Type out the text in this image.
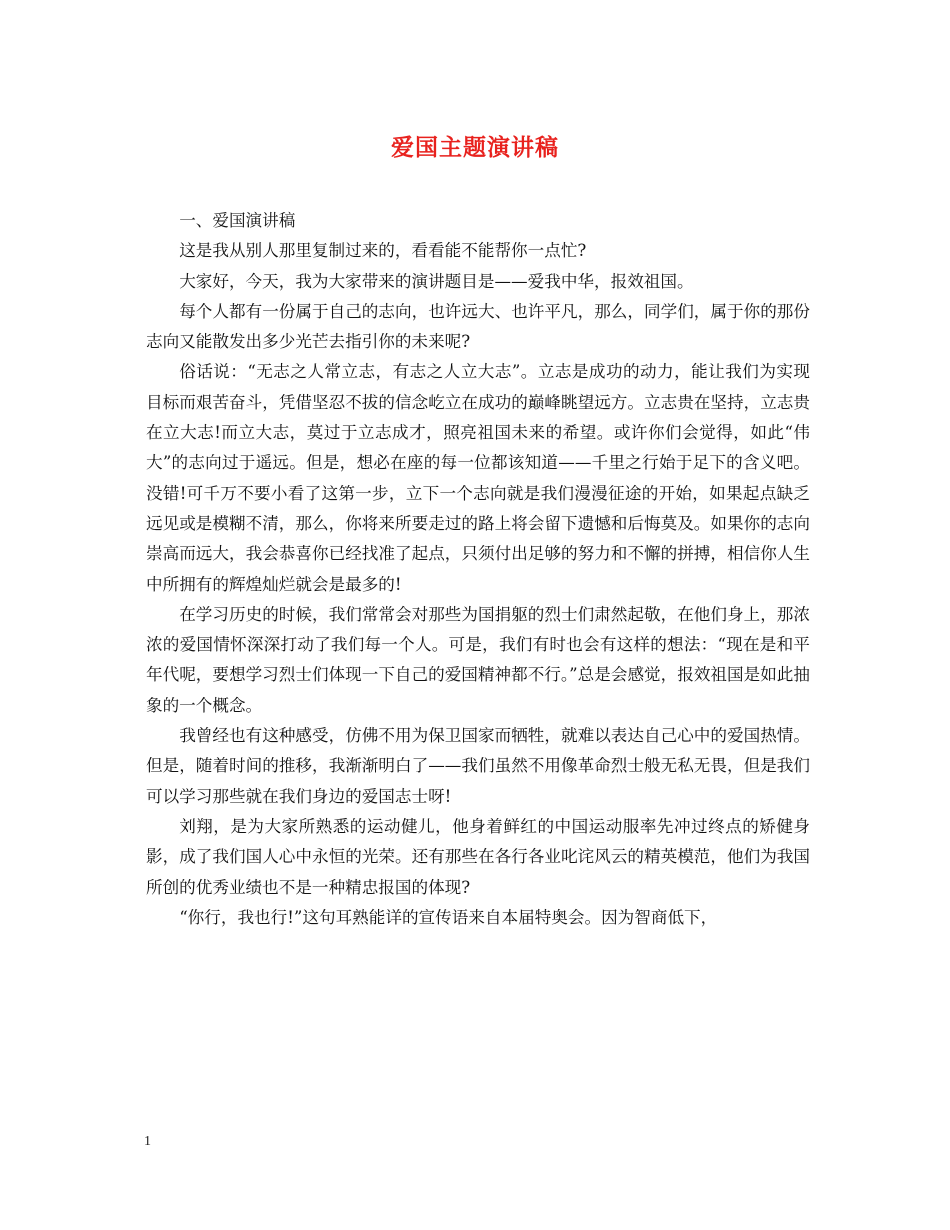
爱国主题演讲稿

一、爱国演讲稿

这是我从别人那里复制过来的，看看能不能帮你一点忙?

大家好，今天，我为大家带来的演讲题目是——爱我中华，报效祖国。

每个人都有一份属于自己的志向，也许远大、也许平凡，那么，同学们，属于你的那份志向又能散发出多少光芒去指引你的未来呢?

俗话说：“无志之人常立志，有志之人立大志”。立志是成功的动力，能让我们为实现目标而艰苦奋斗，凭借坚忍不拔的信念屹立在成功的巅峰眺望远方。立志贵在坚持，立志贵在立大志!而立大志，莫过于立志成才，照亮祖国未来的希望。或许你们会觉得，如此“伟大”的志向过于遥远。但是，想必在座的每一位都该知道——千里之行始于足下的含义吧。没错!可千万不要小看了这第一步，立下一个志向就是我们漫漫征途的开始，如果起点缺乏远见或是模糊不清，那么，你将来所要走过的路上将会留下遗憾和后悔莫及。如果你的志向崇高而远大，我会恭喜你已经找准了起点，只须付出足够的努力和不懈的拼搏，相信你人生中所拥有的辉煌灿烂就会是最多的!

在学习历史的时候，我们常常会对那些为国捐躯的烈士们肃然起敬，在他们身上，那浓浓的爱国情怀深深打动了我们每一个人。可是，我们有时也会有这样的想法：“现在是和平年代呢，要想学习烈士们体现一下自己的爱国精神都不行。”总是会感觉，报效祖国是如此抽象的一个概念。

我曾经也有这种感受，仿佛不用为保卫国家而牺牲，就难以表达自己心中的爱国热情。但是，随着时间的推移，我渐渐明白了——我们虽然不用像革命烈士般无私无畏，但是我们可以学习那些就在我们身边的爱国志士呀!

刘翔，是为大家所熟悉的运动健儿，他身着鲜红的中国运动服率先冲过终点的矫健身影，成了我们国人心中永恒的光荣。还有那些在各行各业叱诧风云的精英模范，他们为我国所创的优秀业绩也不是一种精忠报国的体现?

“你行，我也行!”这句耳熟能详的宣传语来自本届特奥会。因为智商低下，

1
